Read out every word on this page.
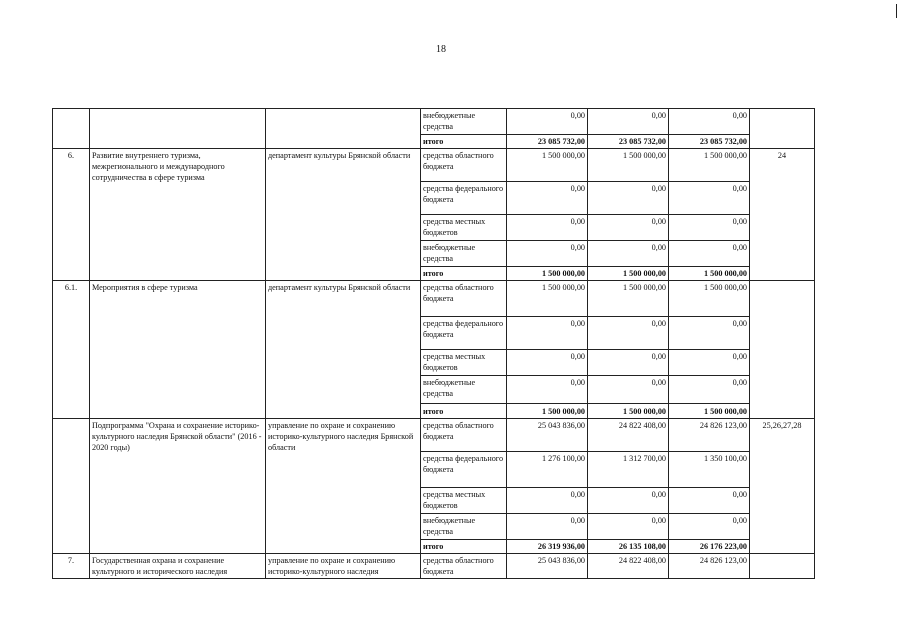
18
			внебюджетные средства	0,00	0,00	0,00	
			итого	23 085 732,00	23 085 732,00	23 085 732,00	
6.	Развитие внутреннего туризма, межрегионального и международного сотрудничества в сфере туризма	департамент культуры Брянской области	средства областного бюджета	1 500 000,00	1 500 000,00	1 500 000,00	24
			средства федерального бюджета	0,00	0,00	0,00	
			средства местных бюджетов	0,00	0,00	0,00	
			внебюджетные средства	0,00	0,00	0,00	
			итого	1 500 000,00	1 500 000,00	1 500 000,00	
6.1.	Мероприятия в сфере туризма	департамент культуры Брянской области	средства областного бюджета	1 500 000,00	1 500 000,00	1 500 000,00	
			средства федерального бюджета	0,00	0,00	0,00	
			средства местных бюджетов	0,00	0,00	0,00	
			внебюджетные средства	0,00	0,00	0,00	
			итого	1 500 000,00	1 500 000,00	1 500 000,00	
	Подпрограмма "Охрана и сохранение историко-культурного наследия Брянской области" (2016 - 2020 годы)	управление по охране и сохранению историко-культурного наследия Брянской области	средства областного бюджета	25 043 836,00	24 822 408,00	24 826 123,00	25,26,27,28
			средства федерального бюджета	1 276 100,00	1 312 700,00	1 350 100,00	
			средства местных бюджетов	0,00	0,00	0,00	
			внебюджетные средства	0,00	0,00	0,00	
			итого	26 319 936,00	26 135 108,00	26 176 223,00	
7.	Государственная охрана и сохранение культурного и исторического наследия	управление по охране и сохранению историко-культурного наследия	средства областного бюджета	25 043 836,00	24 822 408,00	24 826 123,00	
